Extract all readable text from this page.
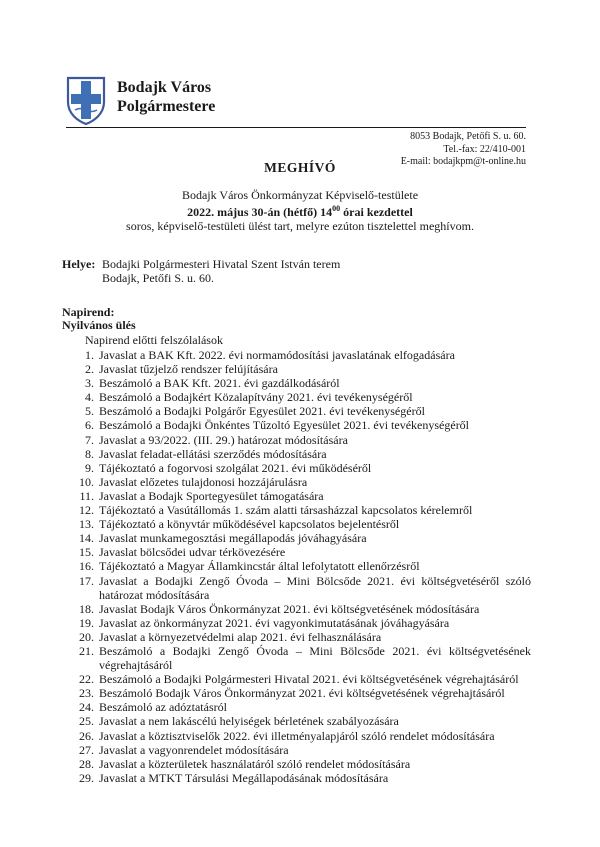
Bodajk Város
Polgármestere
8053 Bodajk, Petőfi S. u. 60.
Tel.-fax: 22/410-001
E-mail: bodajkpm@t-online.hu
MEGHÍVÓ
Bodajk Város Önkormányzat Képviselő-testülete
2022. május 30-án (hétfő) $14^{00}$ órai kezdettel
soros, képviselő-testületi ülést tart, melyre ezúton tisztelettel meghívom.
Helye: Bodajki Polgármesteri Hivatal Szent István terem
Bodajk, Petőfi S. u. 60.
Napirend:
Nyilvános ülés
Napirend előtti felszólalások
1. Javaslat a BAK Kft. 2022. évi normamódosítási javaslatának elfogadására
2. Javaslat tűzjelző rendszer felújítására
3. Beszámoló a BAK Kft. 2021. évi gazdálkodásáról
4. Beszámoló a Bodajkért Közalapítvány 2021. évi tevékenységéről
5. Beszámoló a Bodajki Polgárőr Egyesület 2021. évi tevékenységéről
6. Beszámoló a Bodajki Önkéntes Tűzoltó Egyesület 2021. évi tevékenységéről
7. Javaslat a 93/2022. (III. 29.) határozat módosítására
8. Javaslat feladat-ellátási szerződés módosítására
9. Tájékoztató a fogorvosi szolgálat 2021. évi működéséről
10. Javaslat előzetes tulajdonosi hozzájárulásra
11. Javaslat a Bodajk Sportegyesület támogatására
12. Tájékoztató a Vasútállomás 1. szám alatti társasházzal kapcsolatos kérelemről
13. Tájékoztató a könyvtár működésével kapcsolatos bejelentésről
14. Javaslat munkamegosztási megállapodás jóváhagyására
15. Javaslat bölcsődei udvar térkövezésére
16. Tájékoztató a Magyar Államkincstár által lefolytatott ellenőrzésről
17. Javaslat a Bodajki Zengő Óvoda – Mini Bölcsőde 2021. évi költségvetéséről szóló határozat módosítására
18. Javaslat Bodajk Város Önkormányzat 2021. évi költségvetésének módosítására
19. Javaslat az önkormányzat 2021. évi vagyonkimutatásának jóváhagyására
20. Javaslat a környezetvédelmi alap 2021. évi felhasználására
21. Beszámoló a Bodajki Zengő Óvoda – Mini Bölcsőde 2021. évi költségvetésének végrehajtásáról
22. Beszámoló a Bodajki Polgármesteri Hivatal 2021. évi költségvetésének végrehajtásáról
23. Beszámoló Bodajk Város Önkormányzat 2021. évi költségvetésének végrehajtásáról
24. Beszámoló az adóztatásról
25. Javaslat a nem lakáscélú helyiségek bérletének szabályozására
26. Javaslat a köztisztviselők 2022. évi illetményalapjáról szóló rendelet módosítására
27. Javaslat a vagyonrendelet módosítására
28. Javaslat a közterületek használatáról szóló rendelet módosítására
29. Javaslat a MTKT Társulási Megállapodásának módosítására
